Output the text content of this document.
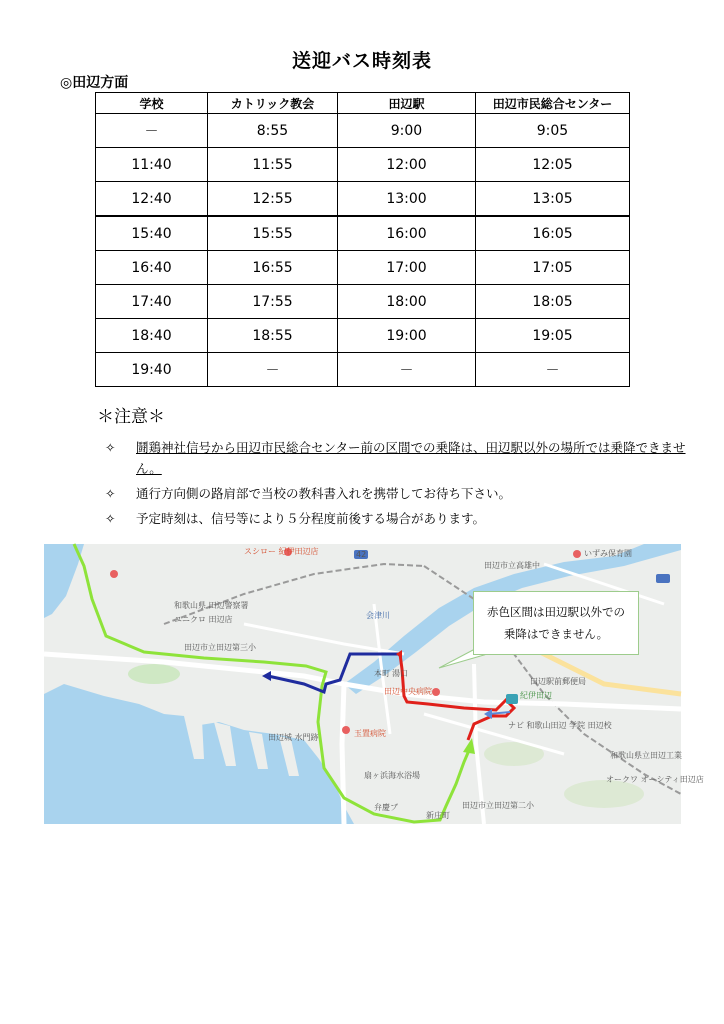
送迎バス時刻表
◎田辺方面
学校	カトリック教会	田辺駅	田辺市民総合センター
－	8:55	9:00	9:05
11:40	11:55	12:00	12:05
12:40	12:55	13:00	13:05
15:40	15:55	16:00	16:05
16:40	16:55	17:00	17:05
17:40	17:55	18:00	18:05
18:40	18:55	19:00	19:05
19:40	－	－	－
＊注意＊
✧ 鬪鶏神社信号から田辺市民総合センター前の区間での乗降は、田辺駅以外の場所では乗降できません。
✧ 通行方向側の路肩部で当校の教科書入れを携帯してお待ち下さい。
✧ 予定時刻は、信号等により５分程度前後する場合があります。
赤色区間は田辺駅以外での
乗降はできません。
スシロー 紀伊田辺店	42
田辺市立高雄中
いずみ保育園
和歌山県 田辺警察署
ユニクロ 田辺店
田辺市立田辺第三小
会津川
田辺中央病院	紀伊田辺
田辺駅前郵便局
本町 湯口
田辺城 水門跡	玉置病院
ナビ 和歌山田辺 学院 田辺校
扇ヶ浜海水浴場
弁慶ブ
新庄町
オークワ オーシティ田辺店
和歌山県立田辺工業
田辺市立田辺第二小
